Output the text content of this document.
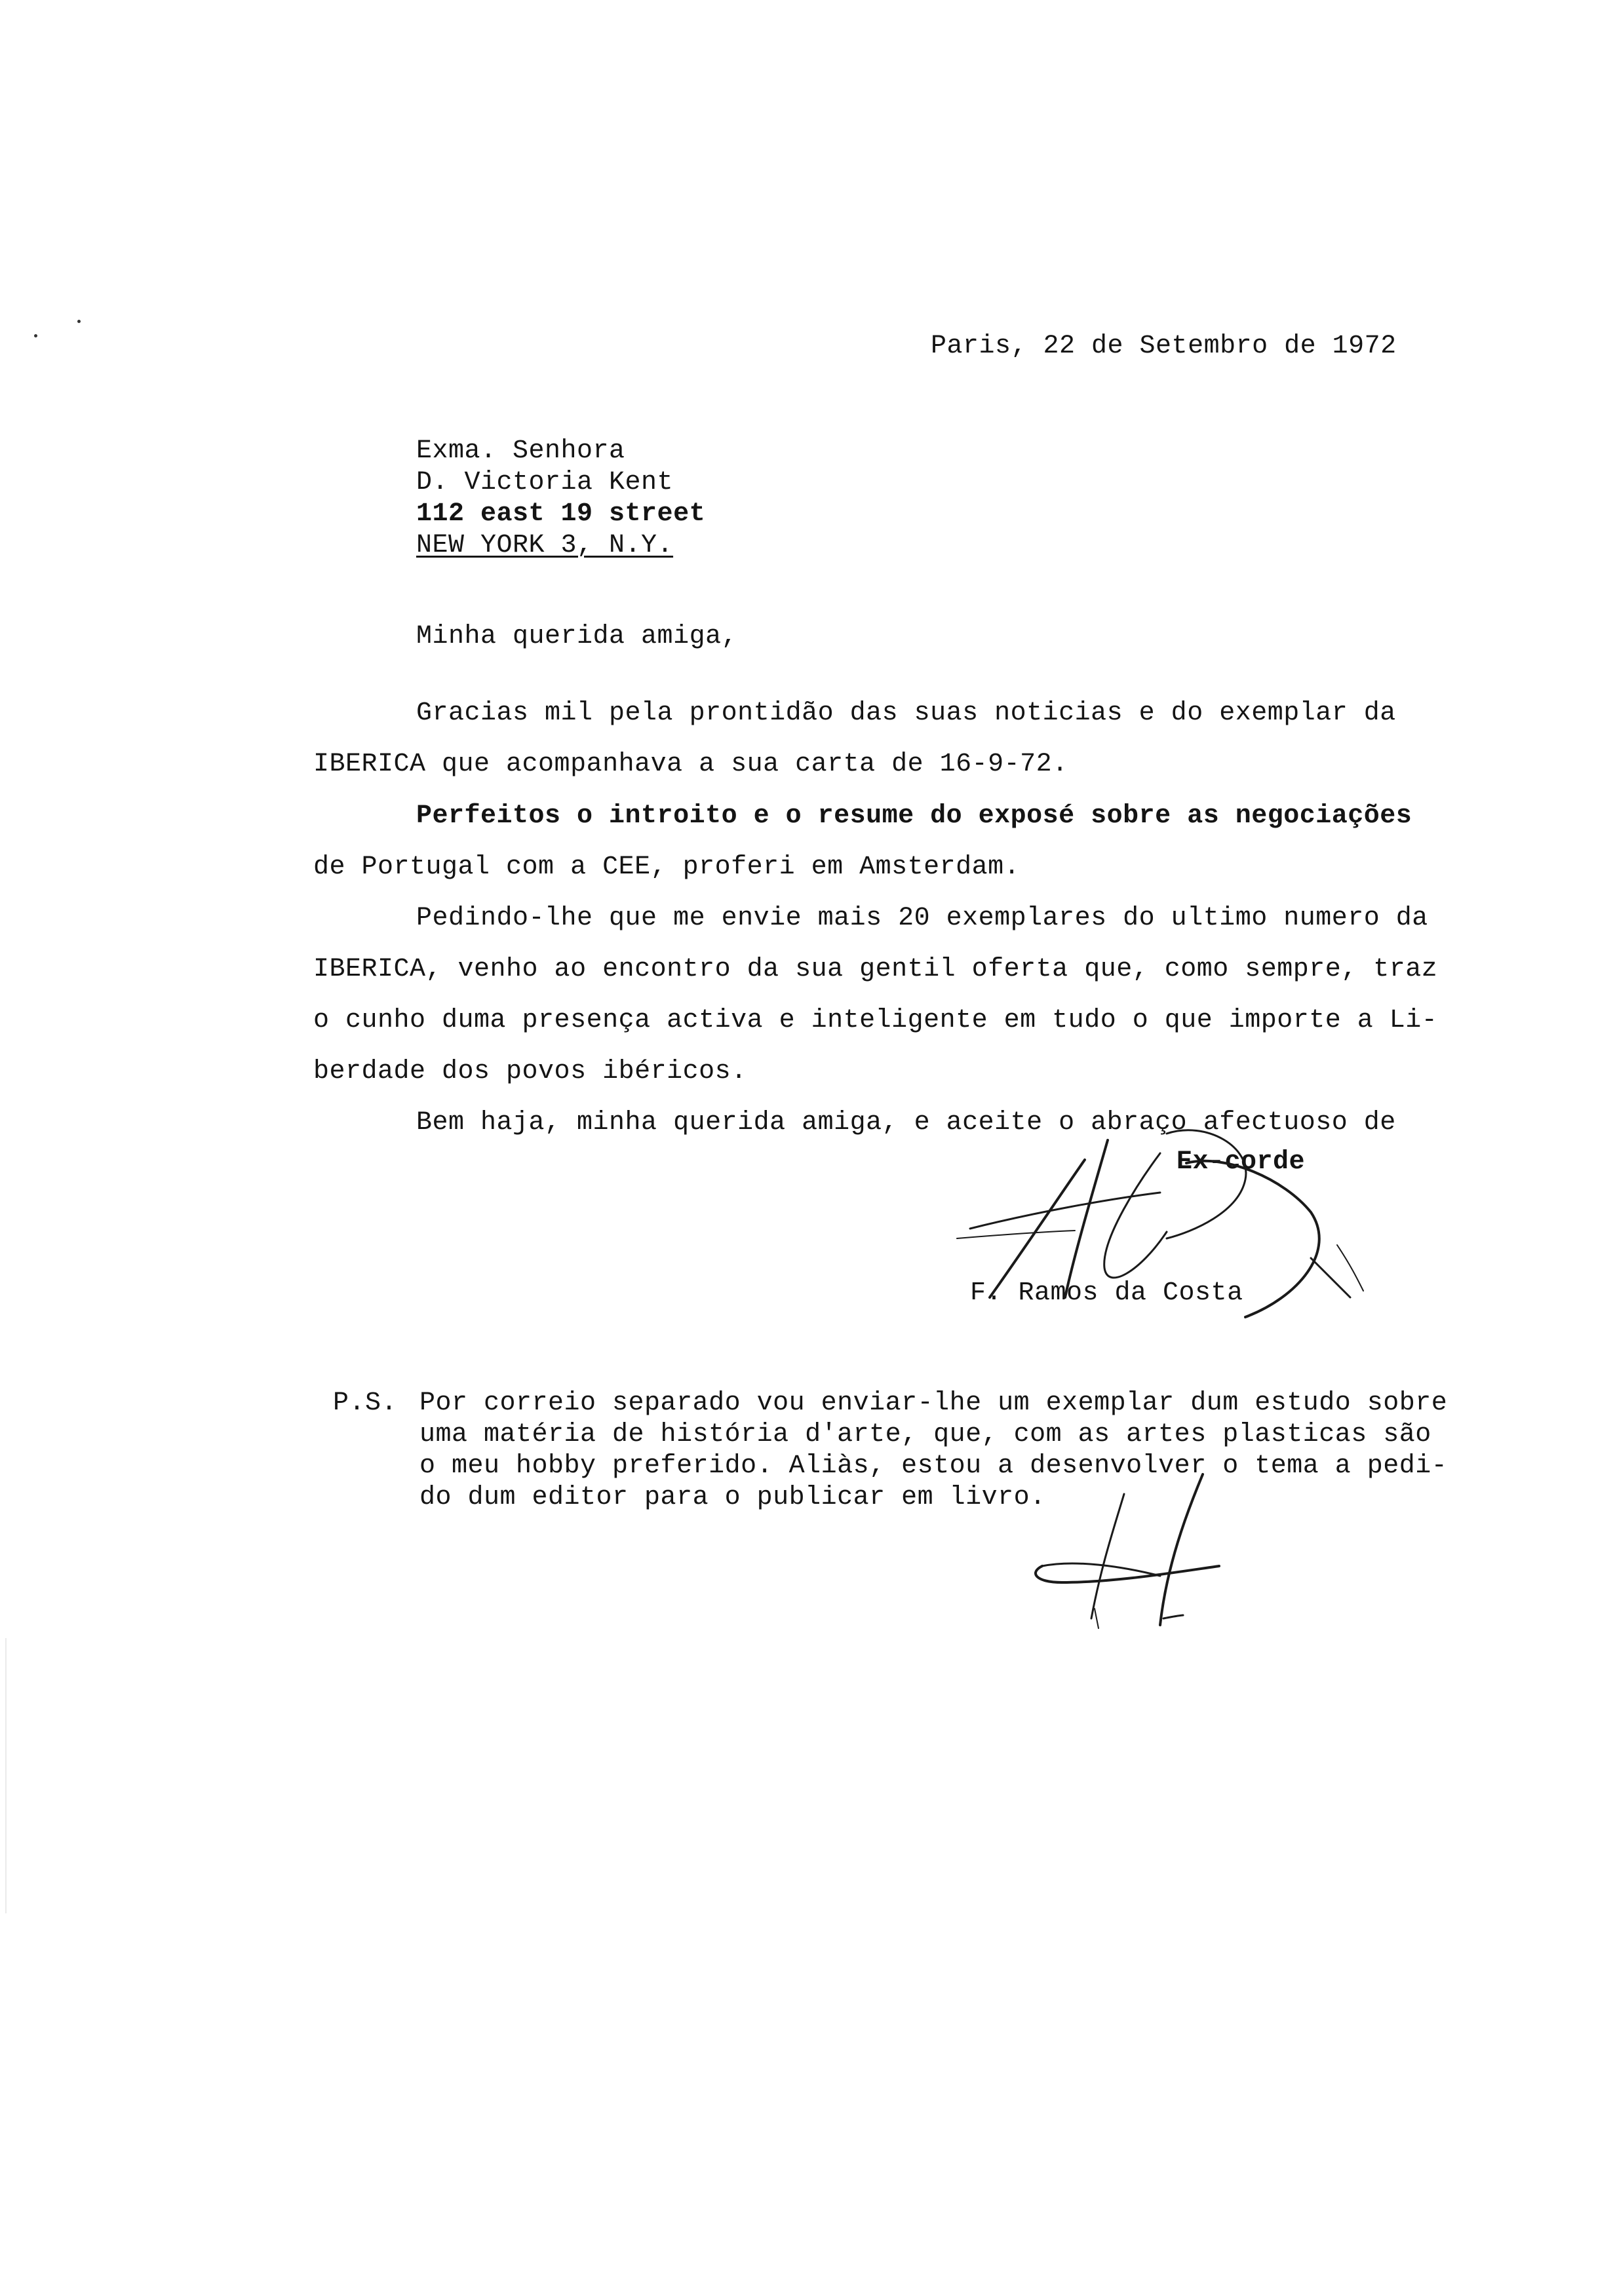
Paris, 22 de Setembro de 1972
Exma. Senhora
D. Victoria Kent
112 east 19 street
NEW YORK 3, N.Y.
Minha querida amiga,
Gracias mil pela prontidão das suas noticias e do exemplar da
IBERICA que acompanhava a sua carta de 16-9-72.
Perfeitos o introito e o resume do exposé sobre as negociações
de Portugal com a CEE, proferi em Amsterdam.
Pedindo-lhe que me envie mais 20 exemplares do ultimo numero da
IBERICA, venho ao encontro da sua gentil oferta que, como sempre, traz
o cunho duma presença activa e inteligente em tudo o que importe a Li-
berdade dos povos ibéricos.
Bem haja, minha querida amiga, e aceite o abraço afectuoso de
Ex-corde
F. Ramos da Costa
P.S. Por correio separado vou enviar-lhe um exemplar dum estudo sobre
uma matéria de história d'arte, que, com as artes plasticas são
o meu hobby preferido. Aliàs, estou a desenvolver o tema a pedi-
do dum editor para o publicar em livro.
